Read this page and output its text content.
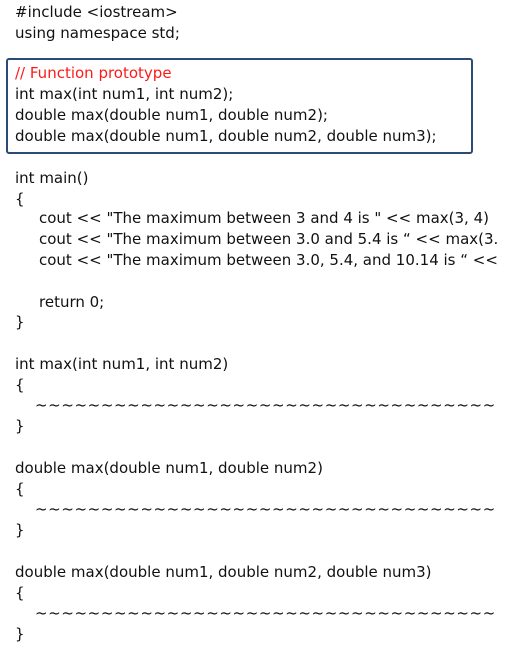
#include <iostream>
using namespace std;
// Function prototype
int max(int num1, int num2);
double max(double num1, double num2);
double max(double num1, double num2, double num3);
int main()
{
cout << "The maximum between 3 and 4 is " << max(3, 4)
cout << "The maximum between 3.0 and 5.4 is “ << max(3.
cout << "The maximum between 3.0, 5.4, and 10.14 is “ <<
return 0;
}
int max(int num1, int num2)
{
~~~~~~~~~~~~~~~~~~~~~~~~~~~~~~~~~~~
}
double max(double num1, double num2)
{
~~~~~~~~~~~~~~~~~~~~~~~~~~~~~~~~~~~
}
double max(double num1, double num2, double num3)
{
~~~~~~~~~~~~~~~~~~~~~~~~~~~~~~~~~~~
}
